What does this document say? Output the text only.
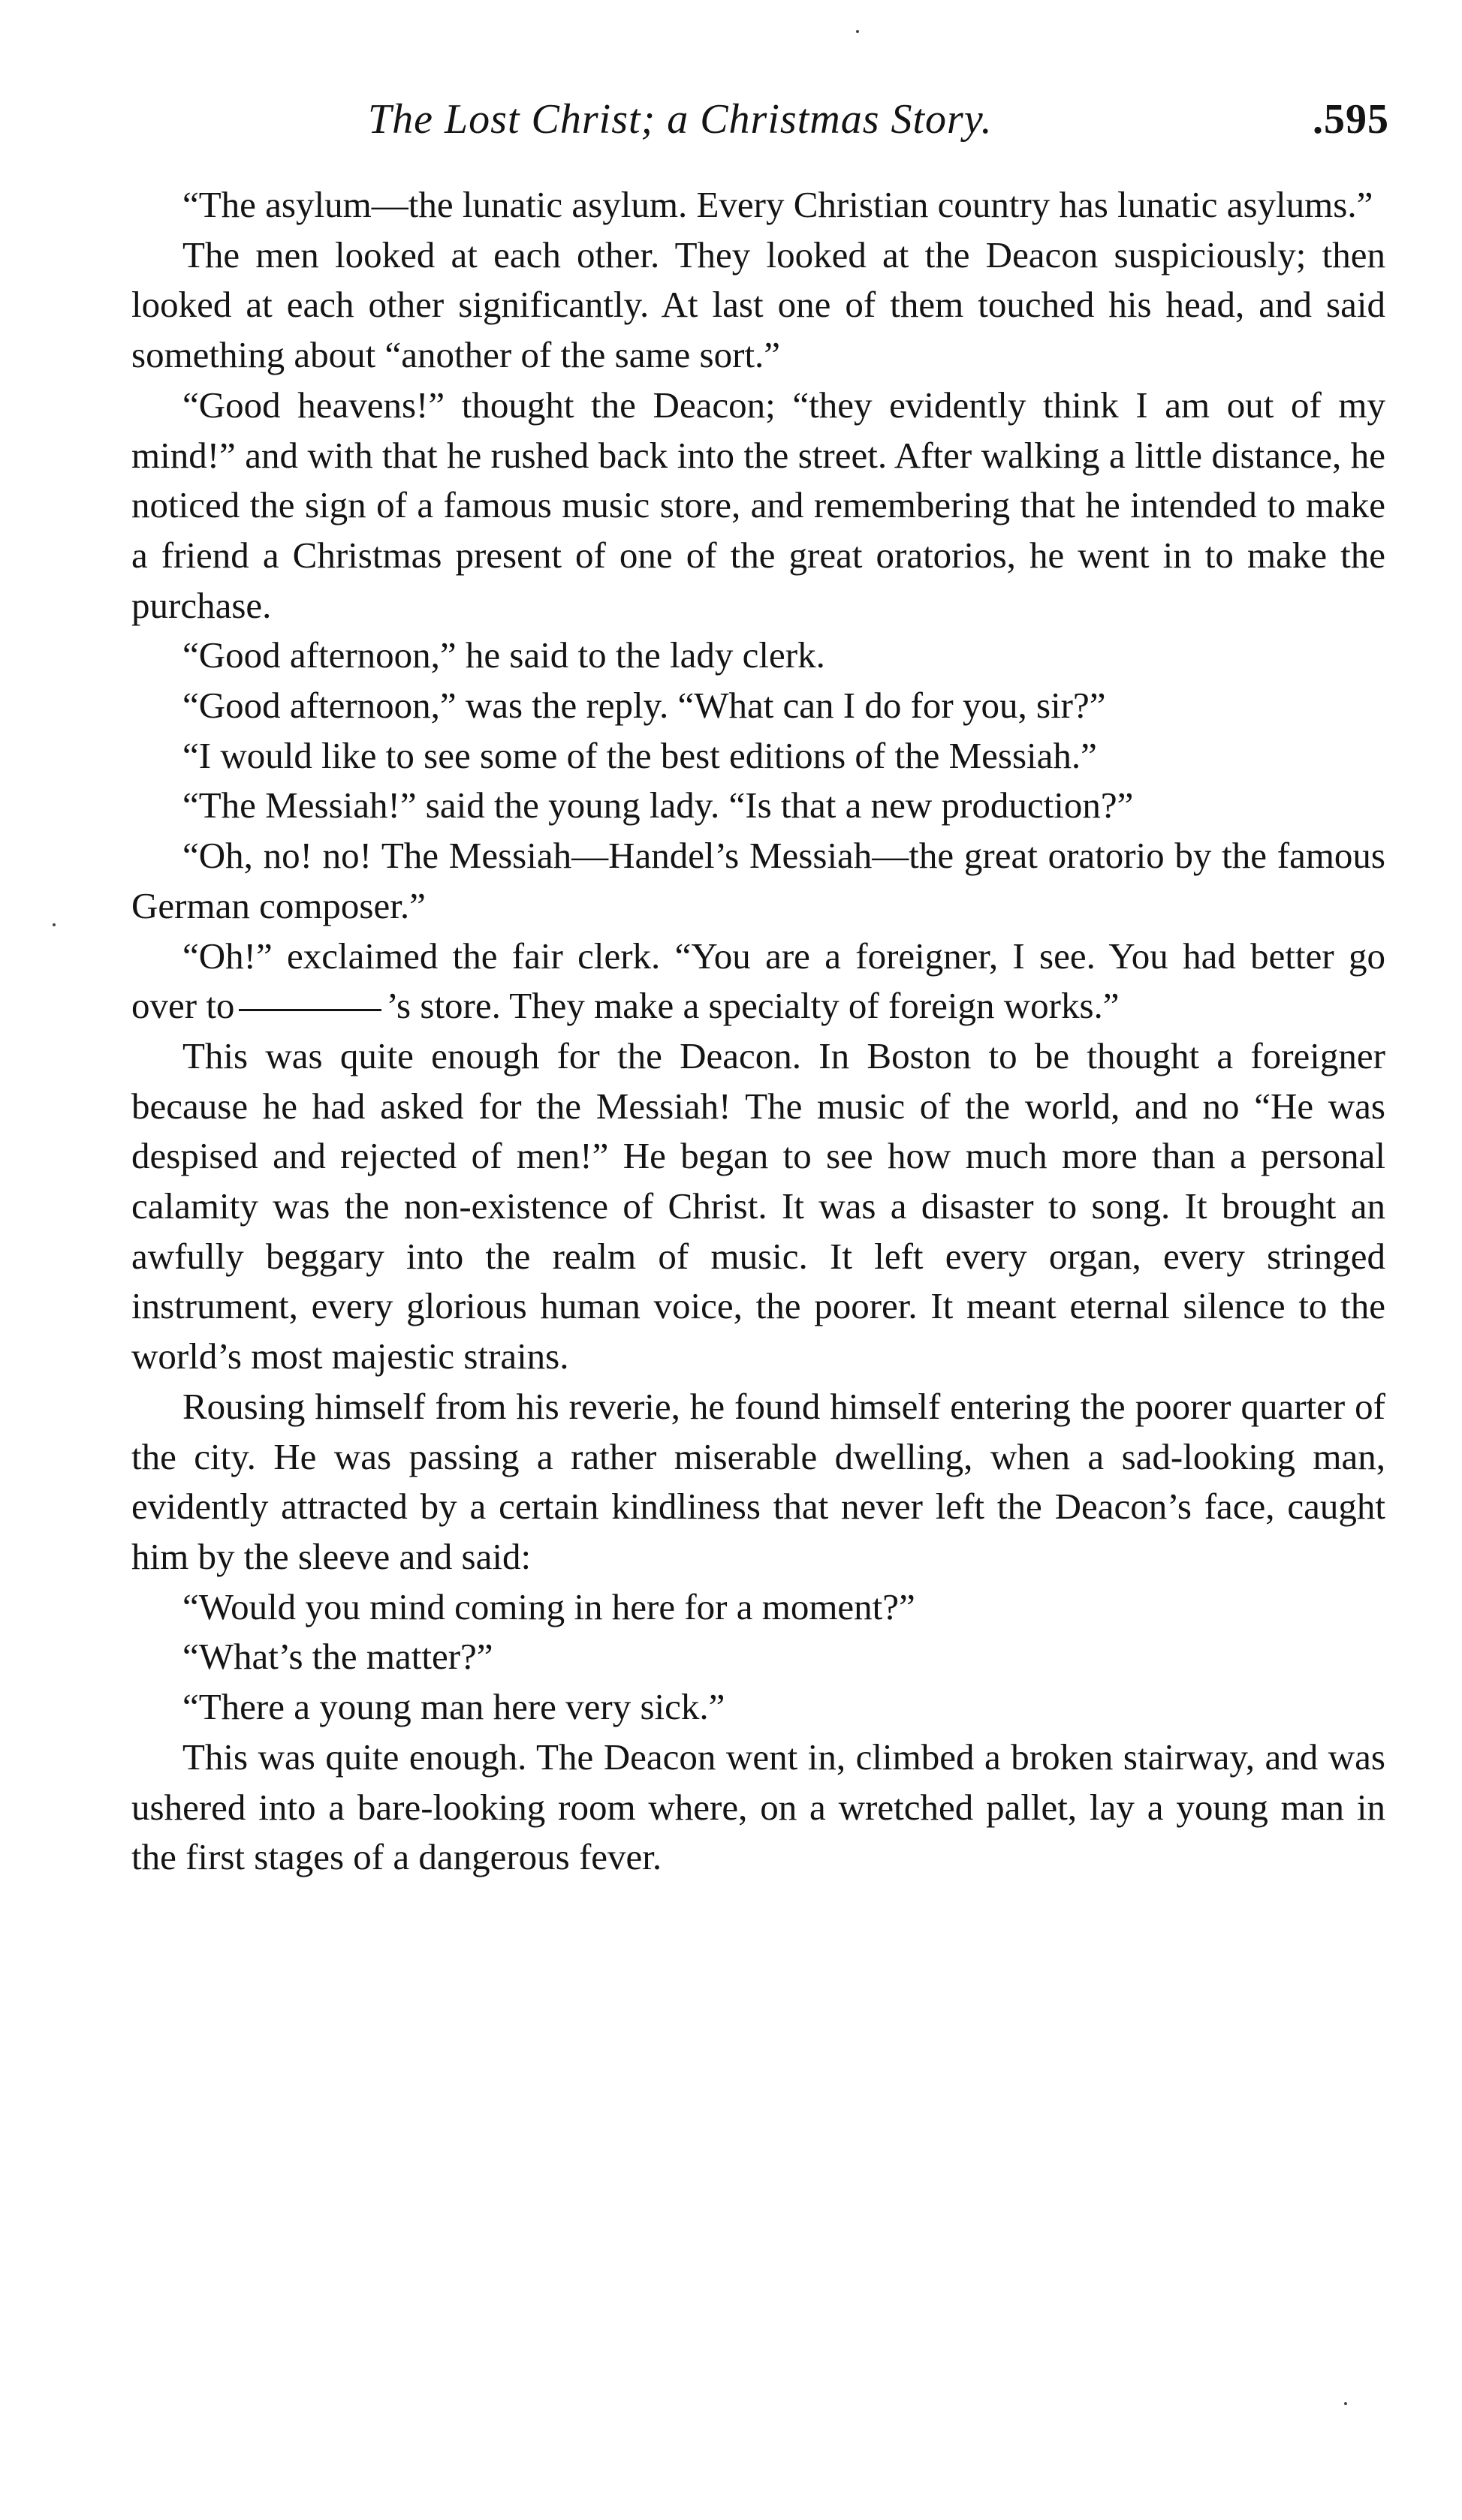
The Lost Christ; a Christmas Story.	.595

“The asylum—the lunatic asylum. Every Christian country has lunatic asylums.”

The men looked at each other. They looked at the Deacon suspiciously; then looked at each other significantly. At last one of them touched his head, and said something about “another of the same sort.”

“Good heavens!” thought the Deacon; “they evidently think I am out of my mind!” and with that he rushed back into the street. After walking a little distance, he noticed the sign of a famous music store, and remembering that he intended to make a friend a Christmas present of one of the great oratorios, he went in to make the purchase.

“Good afternoon,” he said to the lady clerk.

“Good afternoon,” was the reply. “What can I do for you, sir?”

“I would like to see some of the best editions of the Messiah.”

“The Messiah!” said the young lady. “Is that a new production?”

“Oh, no! no! The Messiah—Handel’s Messiah—the great oratorio by the famous German composer.”

“Oh!” exclaimed the fair clerk. “You are a foreigner, I see. You had better go over to	’s store. They make a specialty of foreign works.”

This was quite enough for the Deacon. In Boston to be thought a foreigner because he had asked for the Messiah! The music of the world, and no “He was despised and rejected of men!” He began to see how much more than a personal calamity was the non-existence of Christ. It was a disaster to song. It brought an awfully beggary into the realm of music. It left every organ, every stringed instrument, every glorious human voice, the poorer. It meant eternal silence to the world’s most majestic strains.

Rousing himself from his reverie, he found himself entering the poorer quarter of the city. He was passing a rather miserable dwelling, when a sad-looking man, evidently attracted by a certain kindliness that never left the Deacon’s face, caught him by the sleeve and said:

“Would you mind coming in here for a moment?”

“What’s the matter?”

“There a young man here very sick.”

This was quite enough. The Deacon went in, climbed a broken stairway, and was ushered into a bare-looking room where, on a wretched pallet, lay a young man in the first stages of a dangerous fever.
